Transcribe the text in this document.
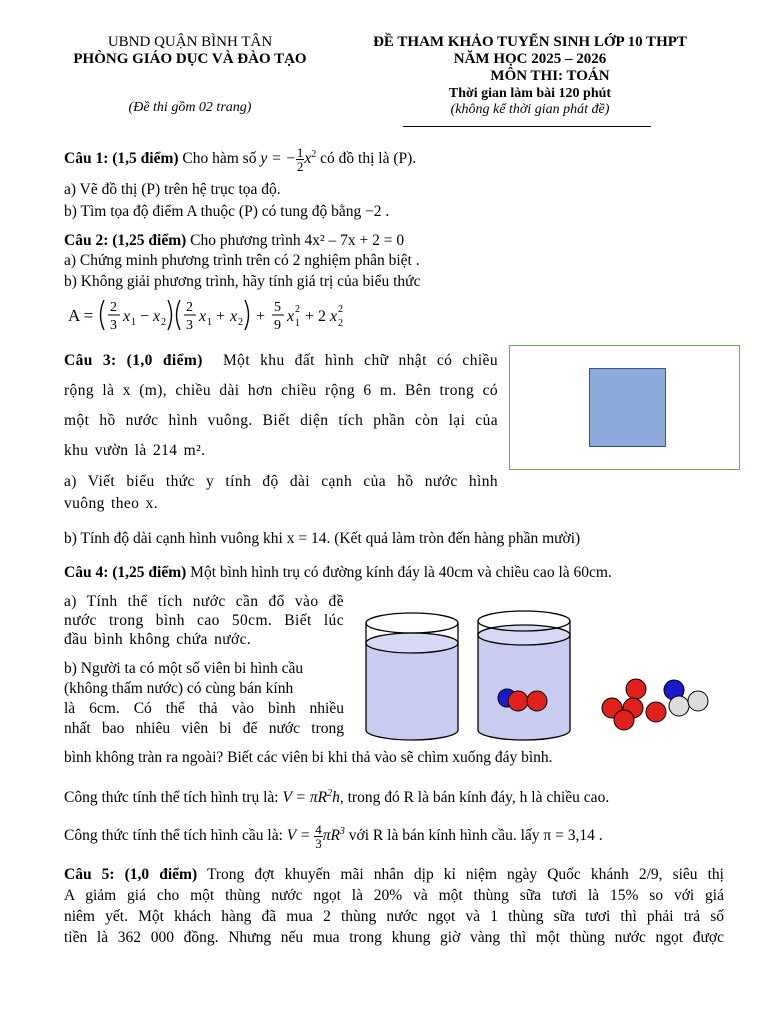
UBND QUẬN BÌNH TÂN
PHÒNG GIÁO DỤC VÀ ĐÀO TẠO
(Đề thi gồm 02 trang)
ĐỀ THAM KHẢO TUYỂN SINH LỚP 10 THPT
NĂM HỌC 2025 – 2026
MÔN THI: TOÁN
Thời gian làm bài 120 phút
(không kể thời gian phát đề)
Câu 1: (1,5 điểm) Cho hàm số y = − $\frac{1}{2} x^2$ có đồ thị là (P).
a) Vẽ đồ thị (P) trên hệ trục tọa độ.
b) Tìm tọa độ điểm A thuộc (P) có tung độ bằng −2 .
Câu 2: (1,25 điểm) Cho phương trình 4x² – 7x + 2 = 0
a) Chứng minh phương trình trên có 2 nghiệm phân biệt .
b) Không giải phương trình, hãy tính giá trị của biểu thức
A = 2
3
x 1 − x 2
2
3
x 1 + x 2 +
5
9
x 2
1 + 2 x 2
2
Câu 3: (1,0 điểm) Một khu đất hình chữ nhật có chiều
rộng là x (m), chiều dài hơn chiều rộng 6 m. Bên trong có
một hồ nước hình vuông. Biết diện tích phần còn lại của
khu vườn là 214 m².
a) Viết biểu thức y tính độ dài cạnh của hồ nước hình
vuông theo x.
b) Tính độ dài cạnh hình vuông khi x = 14. (Kết quả làm tròn đến hàng phần mười)
Câu 4: (1,25 điểm) Một bình hình trụ có đường kính đáy là 40cm và chiều cao là 60cm.
a) Tính thể tích nước cần đổ vào đề
nước trong bình cao 50cm. Biết lúc
đầu bình không chứa nước.
b) Người ta có một số viên bi hình cầu
(không thấm nước) có cùng bán kính
là 6cm. Có thể thả vào bình nhiều
nhất bao nhiêu viên bi để nước trong
bình không tràn ra ngoài? Biết các viên bi khi thả vào sẽ chìm xuống đáy bình.
Công thức tính thể tích hình trụ là: $V = \pi R^2h$, trong đó R là bán kính đáy, h là chiều cao.
Công thức tính thể tích hình cầu là: $V = \frac{4}{3} \pi R^3$ với R là bán kính hình cầu. lấy π = 3,14 .
Câu 5: (1,0 điểm) Trong đợt khuyến mãi nhân dịp kỉ niệm ngày Quốc khánh 2/9, siêu thị
A giảm giá cho một thùng nước ngọt là 20% và một thùng sữa tươi là 15% so với giá
niêm yết. Một khách hàng đã mua 2 thùng nước ngọt và 1 thùng sữa tươi thì phải trả số
tiền là 362 000 đồng. Nhưng nếu mua trong khung giờ vàng thì một thùng nước ngọt được
